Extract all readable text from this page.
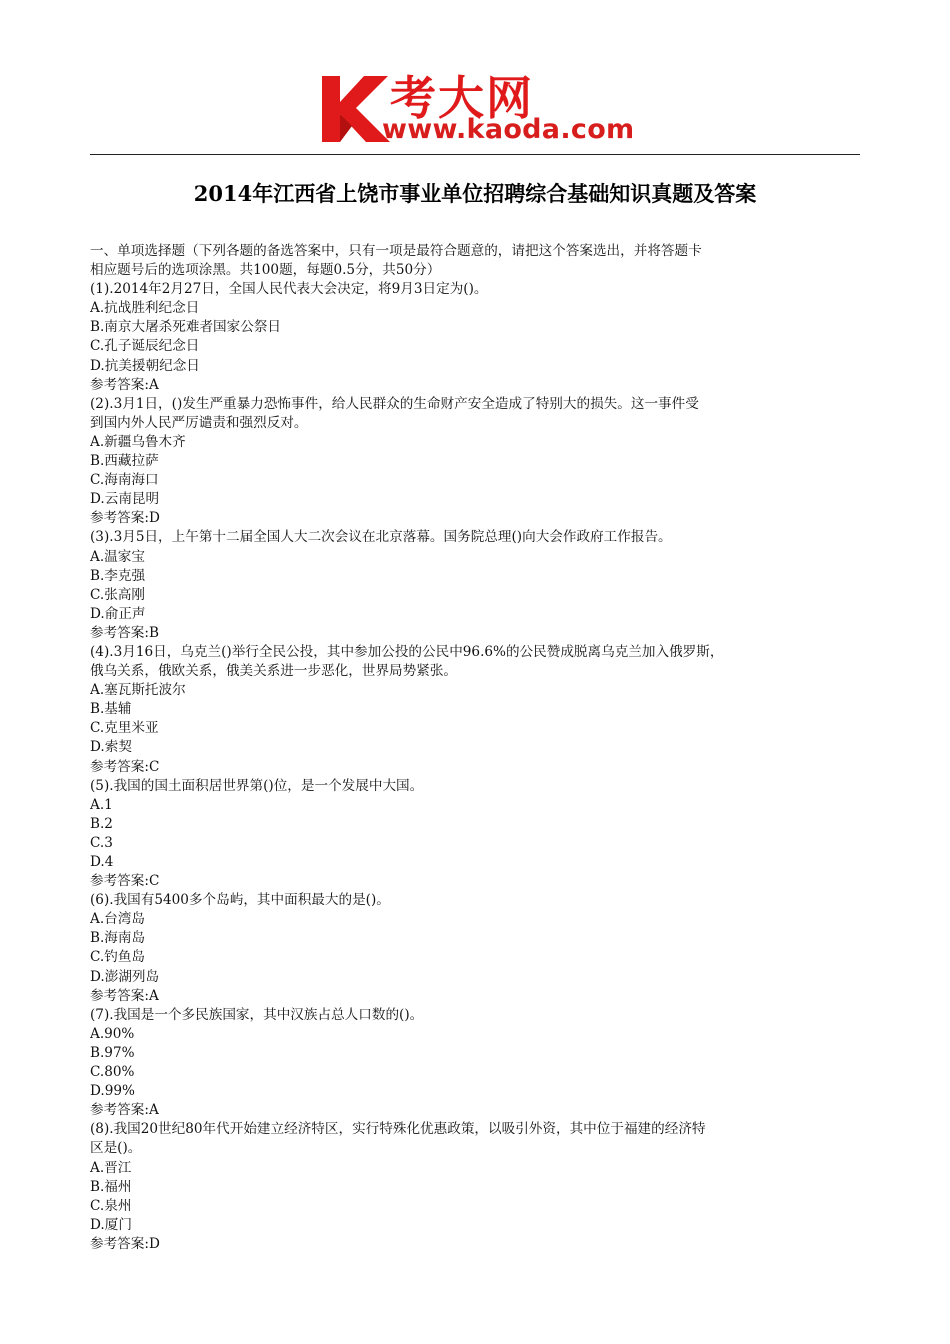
考大网
www.kaoda.com
2014年江西省上饶市事业单位招聘综合基础知识真题及答案
一、单项选择题（下列各题的备选答案中，只有一项是最符合题意的，请把这个答案选出，并将答题卡
相应题号后的选项涂黑。共100题，每题0.5分，共50分）
(1).2014年2月27日，全国人民代表大会决定，将9月3日定为()。
A.抗战胜利纪念日
B.南京大屠杀死难者国家公祭日
C.孔子诞辰纪念日
D.抗美援朝纪念日
参考答案:A
(2).3月1日，()发生严重暴力恐怖事件，给人民群众的生命财产安全造成了特别大的损失。这一事件受
到国内外人民严厉谴责和强烈反对。
A.新疆乌鲁木齐
B.西藏拉萨
C.海南海口
D.云南昆明
参考答案:D
(3).3月5日，上午第十二届全国人大二次会议在北京落幕。国务院总理()向大会作政府工作报告。
A.温家宝
B.李克强
C.张高刚
D.俞正声
参考答案:B
(4).3月16日，乌克兰()举行全民公投，其中参加公投的公民中96.6%的公民赞成脱离乌克兰加入俄罗斯，
俄乌关系，俄欧关系，俄美关系进一步恶化，世界局势紧张。
A.塞瓦斯托波尔
B.基辅
C.克里米亚
D.索契
参考答案:C
(5).我国的国土面积居世界第()位，是一个发展中大国。
A.1
B.2
C.3
D.4
参考答案:C
(6).我国有5400多个岛屿，其中面积最大的是()。
A.台湾岛
B.海南岛
C.钓鱼岛
D.澎湖列岛
参考答案:A
(7).我国是一个多民族国家，其中汉族占总人口数的()。
A.90%
B.97%
C.80%
D.99%
参考答案:A
(8).我国20世纪80年代开始建立经济特区，实行特殊化优惠政策，以吸引外资，其中位于福建的经济特
区是()。
A.晋江
B.福州
C.泉州
D.厦门
参考答案:D
